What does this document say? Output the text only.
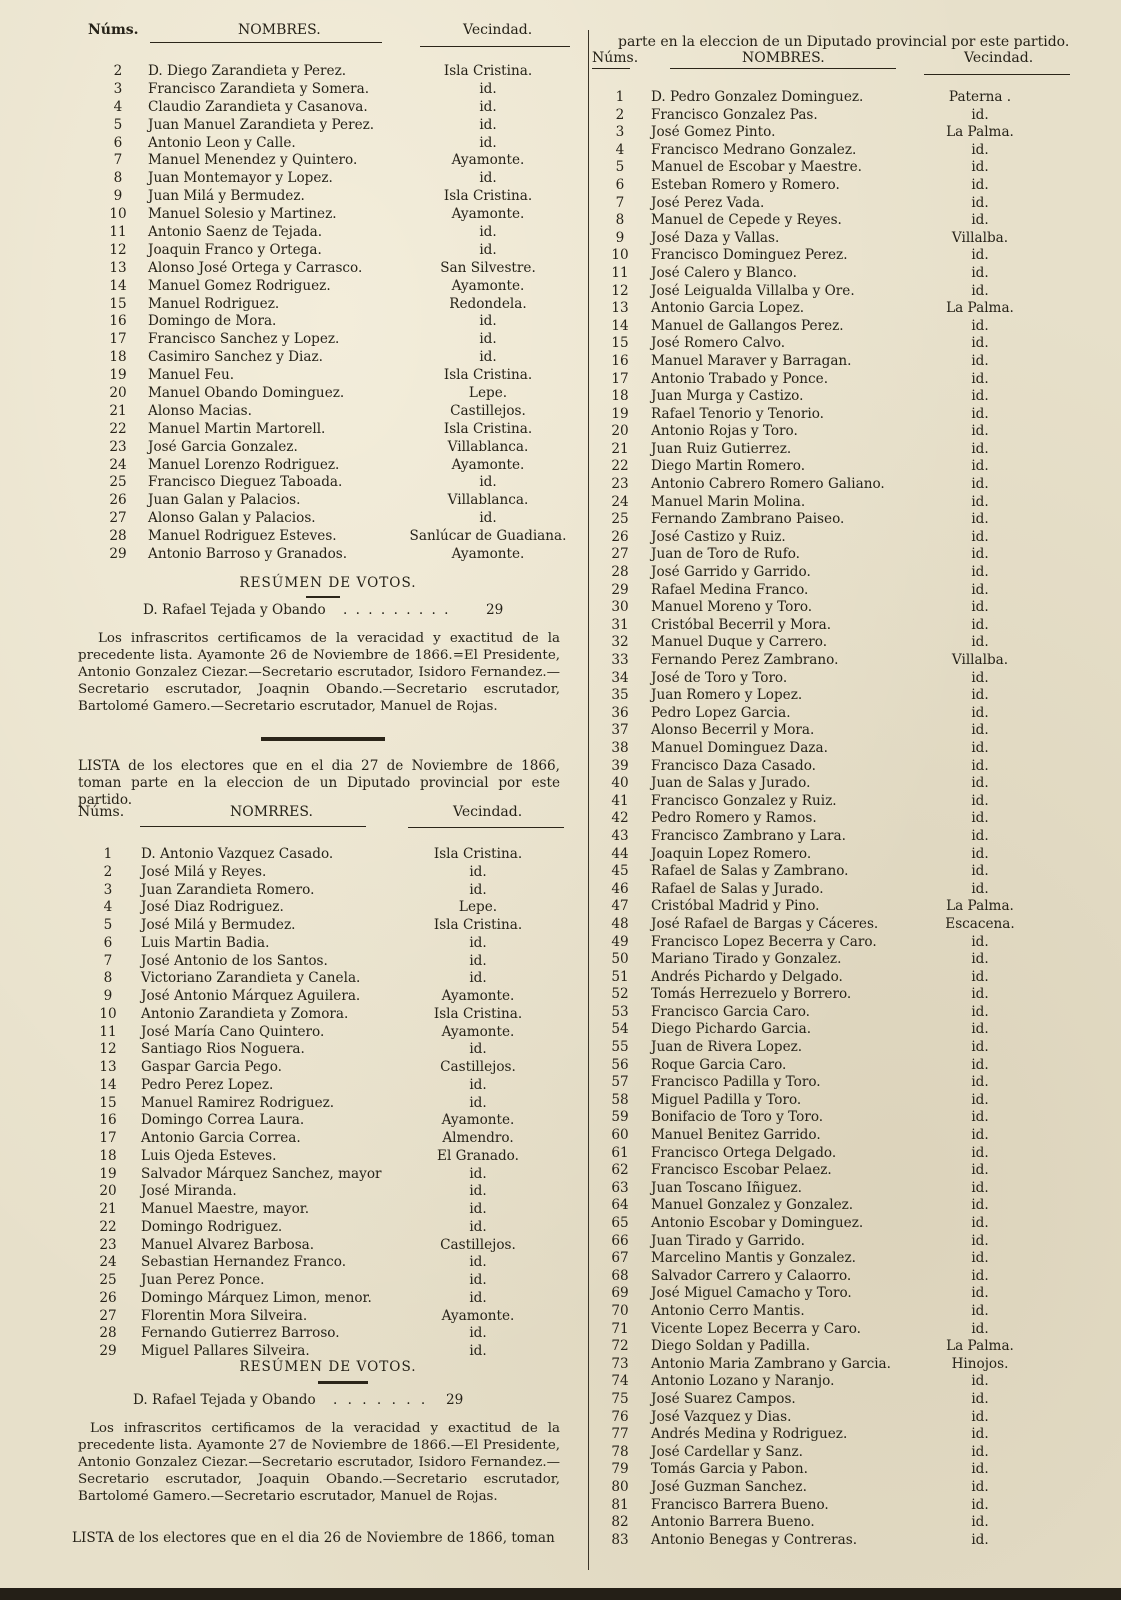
Núms.	NOMBRES.	Vecindad.
2	D. Diego Zarandieta y Perez.	Isla Cristina.
3	Francisco Zarandieta y Somera.	id.
4	Claudio Zarandieta y Casanova.	id.
5	Juan Manuel Zarandieta y Perez.	id.
6	Antonio Leon y Calle.	id.
7	Manuel Menendez y Quintero.	Ayamonte.
8	Juan Montemayor y Lopez.	id.
9	Juan Milá y Bermudez.	Isla Cristina.
10	Manuel Solesio y Martinez.	Ayamonte.
11	Antonio Saenz de Tejada.	id.
12	Joaquin Franco y Ortega.	id.
13	Alonso José Ortega y Carrasco.	San Silvestre.
14	Manuel Gomez Rodriguez.	Ayamonte.
15	Manuel Rodriguez.	Redondela.
16	Domingo de Mora.	id.
17	Francisco Sanchez y Lopez.	id.
18	Casimiro Sanchez y Diaz.	id.
19	Manuel Feu.	Isla Cristina.
20	Manuel Obando Dominguez.	Lepe.
21	Alonso Macias.	Castillejos.
22	Manuel Martin Martorell.	Isla Cristina.
23	José Garcia Gonzalez.	Villablanca.
24	Manuel Lorenzo Rodriguez.	Ayamonte.
25	Francisco Dieguez Taboada.	id.
26	Juan Galan y Palacios.	Villablanca.
27	Alonso Galan y Palacios.	id.
28	Manuel Rodriguez Esteves.	Sanlúcar de Guadiana.
29	Antonio Barroso y Granados.	Ayamonte.
RESÚMEN DE VOTOS.
D. Rafael Tejada y Obando . . . . . . . . .	29
Los infrascritos certificamos de la veracidad y exactitud de la precedente lista. Ayamonte 26 de Noviembre de 1866.=El Presidente, Antonio Gonzalez Ciezar.—Secretario escrutador, Isidoro Fernandez.—Secretario escrutador, Joaqnin Obando.—Secretario escrutador, Bartolomé Gamero.—Secretario escrutador, Manuel de Rojas.
LISTA de los electores que en el dia 27 de Noviembre de 1866, toman parte en la eleccion de un Diputado provincial por este partido.
Núms.	NOMRRES.	Vecindad.
1	D. Antonio Vazquez Casado.	Isla Cristina.
2	José Milá y Reyes.	id.
3	Juan Zarandieta Romero.	id.
4	José Diaz Rodriguez.	Lepe.
5	José Milá y Bermudez.	Isla Cristina.
6	Luis Martin Badia.	id.
7	José Antonio de los Santos.	id.
8	Victoriano Zarandieta y Canela.	id.
9	José Antonio Márquez Aguilera.	Ayamonte.
10	Antonio Zarandieta y Zomora.	Isla Cristina.
11	José María Cano Quintero.	Ayamonte.
12	Santiago Rios Noguera.	id.
13	Gaspar Garcia Pego.	Castillejos.
14	Pedro Perez Lopez.	id.
15	Manuel Ramirez Rodriguez.	id.
16	Domingo Correa Laura.	Ayamonte.
17	Antonio Garcia Correa.	Almendro.
18	Luis Ojeda Esteves.	El Granado.
19	Salvador Márquez Sanchez, mayor	id.
20	José Miranda.	id.
21	Manuel Maestre, mayor.	id.
22	Domingo Rodriguez.	id.
23	Manuel Alvarez Barbosa.	Castillejos.
24	Sebastian Hernandez Franco.	id.
25	Juan Perez Ponce.	id.
26	Domingo Márquez Limon, menor.	id.
27	Florentin Mora Silveira.	Ayamonte.
28	Fernando Gutierrez Barroso.	id.
29	Miguel Pallares Silveira.	id.
RESÚMEN DE VOTOS.
D. Rafael Tejada y Obando . . . . . . . 29
Los infrascritos certificamos de la veracidad y exactitud de la precedente lista. Ayamonte 27 de Noviembre de 1866.—El Presidente, Antonio Gonzalez Ciezar.—Secretario escrutador, Isidoro Fernandez.—Secretario escrutador, Joaquin Obando.—Secretario escrutador, Bartolomé Gamero.—Secretario escrutador, Manuel de Rojas.
LISTA de los electores que en el dia 26 de Noviembre de 1866, toman
parte en la eleccion de un Diputado provincial por este partido.
Núms.	NOMBRES.	Vecindad.
1	D. Pedro Gonzalez Dominguez.	Paterna .
2	Francisco Gonzalez Pas.	id.
3	José Gomez Pinto.	La Palma.
4	Francisco Medrano Gonzalez.	id.
5	Manuel de Escobar y Maestre.	id.
6	Esteban Romero y Romero.	id.
7	José Perez Vada.	id.
8	Manuel de Cepede y Reyes.	id.
9	José Daza y Vallas.	Villalba.
10	Francisco Dominguez Perez.	id.
11	José Calero y Blanco.	id.
12	José Leigualda Villalba y Ore.	id.
13	Antonio Garcia Lopez.	La Palma.
14	Manuel de Gallangos Perez.	id.
15	José Romero Calvo.	id.
16	Manuel Maraver y Barragan.	id.
17	Antonio Trabado y Ponce.	id.
18	Juan Murga y Castizo.	id.
19	Rafael Tenorio y Tenorio.	id.
20	Antonio Rojas y Toro.	id.
21	Juan Ruiz Gutierrez.	id.
22	Diego Martin Romero.	id.
23	Antonio Cabrero Romero Galiano.	id.
24	Manuel Marin Molina.	id.
25	Fernando Zambrano Paiseo.	id.
26	José Castizo y Ruiz.	id.
27	Juan de Toro de Rufo.	id.
28	José Garrido y Garrido.	id.
29	Rafael Medina Franco.	id.
30	Manuel Moreno y Toro.	id.
31	Cristóbal Becerril y Mora.	id.
32	Manuel Duque y Carrero.	id.
33	Fernando Perez Zambrano.	Villalba.
34	José de Toro y Toro.	id.
35	Juan Romero y Lopez.	id.
36	Pedro Lopez Garcia.	id.
37	Alonso Becerril y Mora.	id.
38	Manuel Dominguez Daza.	id.
39	Francisco Daza Casado.	id.
40	Juan de Salas y Jurado.	id.
41	Francisco Gonzalez y Ruiz.	id.
42	Pedro Romero y Ramos.	id.
43	Francisco Zambrano y Lara.	id.
44	Joaquin Lopez Romero.	id.
45	Rafael de Salas y Zambrano.	id.
46	Rafael de Salas y Jurado.	id.
47	Cristóbal Madrid y Pino.	La Palma.
48	José Rafael de Bargas y Cáceres.	Escacena.
49	Francisco Lopez Becerra y Caro.	id.
50	Mariano Tirado y Gonzalez.	id.
51	Andrés Pichardo y Delgado.	id.
52	Tomás Herrezuelo y Borrero.	id.
53	Francisco Garcia Caro.	id.
54	Diego Pichardo Garcia.	id.
55	Juan de Rivera Lopez.	id.
56	Roque Garcia Caro.	id.
57	Francisco Padilla y Toro.	id.
58	Miguel Padilla y Toro.	id.
59	Bonifacio de Toro y Toro.	id.
60	Manuel Benitez Garrido.	id.
61	Francisco Ortega Delgado.	id.
62	Francisco Escobar Pelaez.	id.
63	Juan Toscano Iñiguez.	id.
64	Manuel Gonzalez y Gonzalez.	id.
65	Antonio Escobar y Dominguez.	id.
66	Juan Tirado y Garrido.	id.
67	Marcelino Mantis y Gonzalez.	id.
68	Salvador Carrero y Calaorro.	id.
69	José Miguel Camacho y Toro.	id.
70	Antonio Cerro Mantis.	id.
71	Vicente Lopez Becerra y Caro.	id.
72	Diego Soldan y Padilla.	La Palma.
73	Antonio Maria Zambrano y Garcia.	Hinojos.
74	Antonio Lozano y Naranjo.	id.
75	José Suarez Campos.	id.
76	José Vazquez y Dias.	id.
77	Andrés Medina y Rodriguez.	id.
78	José Cardellar y Sanz.	id.
79	Tomás Garcia y Pabon.	id.
80	José Guzman Sanchez.	id.
81	Francisco Barrera Bueno.	id.
82	Antonio Barrera Bueno.	id.
83	Antonio Benegas y Contreras.	id.
